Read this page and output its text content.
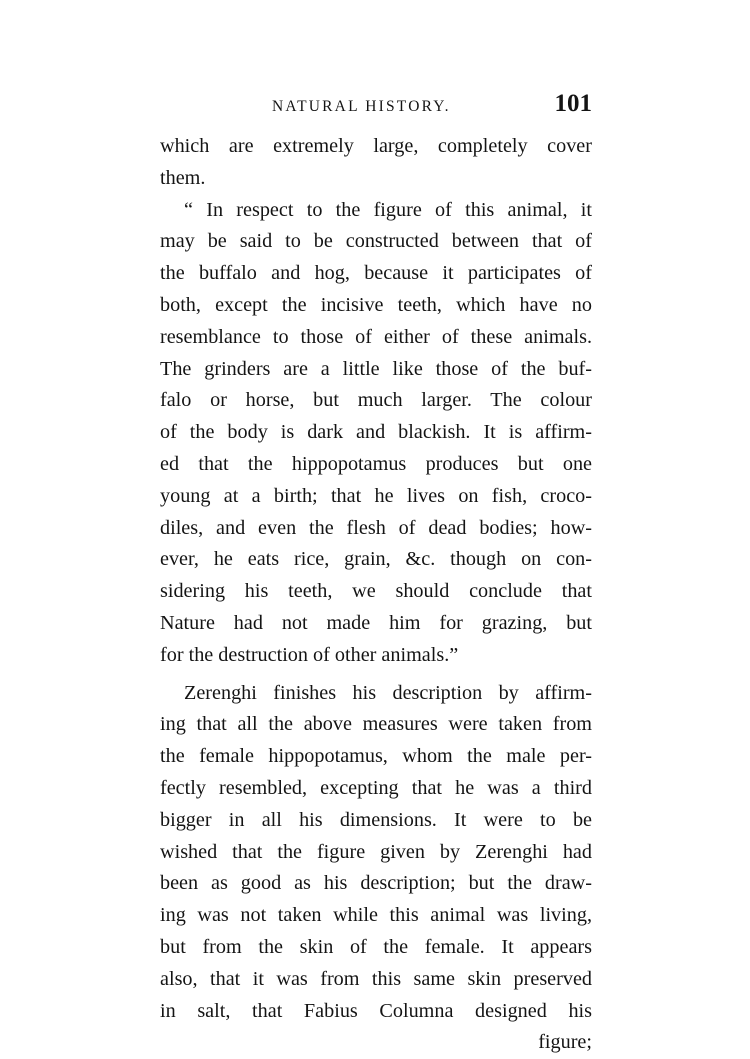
NATURAL HISTORY.	101
which are extremely large, completely cover
them.
“ In respect to the figure of this animal, it
may be said to be constructed between that of
the buffalo and hog, because it participates of
both, except the incisive teeth, which have no
resemblance to those of either of these animals.
The grinders are a little like those of the buf-
falo or horse, but much larger. The colour
of the body is dark and blackish. It is affirm-
ed that the hippopotamus produces but one
young at a birth; that he lives on fish, croco-
diles, and even the flesh of dead bodies; how-
ever, he eats rice, grain, &c. though on con-
sidering his teeth, we should conclude that
Nature had not made him for grazing, but
for the destruction of other animals.”
Zerenghi finishes his description by affirm-
ing that all the above measures were taken from
the female hippopotamus, whom the male per-
fectly resembled, excepting that he was a third
bigger in all his dimensions. It were to be
wished that the figure given by Zerenghi had
been as good as his description; but the draw-
ing was not taken while this animal was living,
but from the skin of the female. It appears
also, that it was from this same skin preserved
in salt, that Fabius Columna designed his
figure;
